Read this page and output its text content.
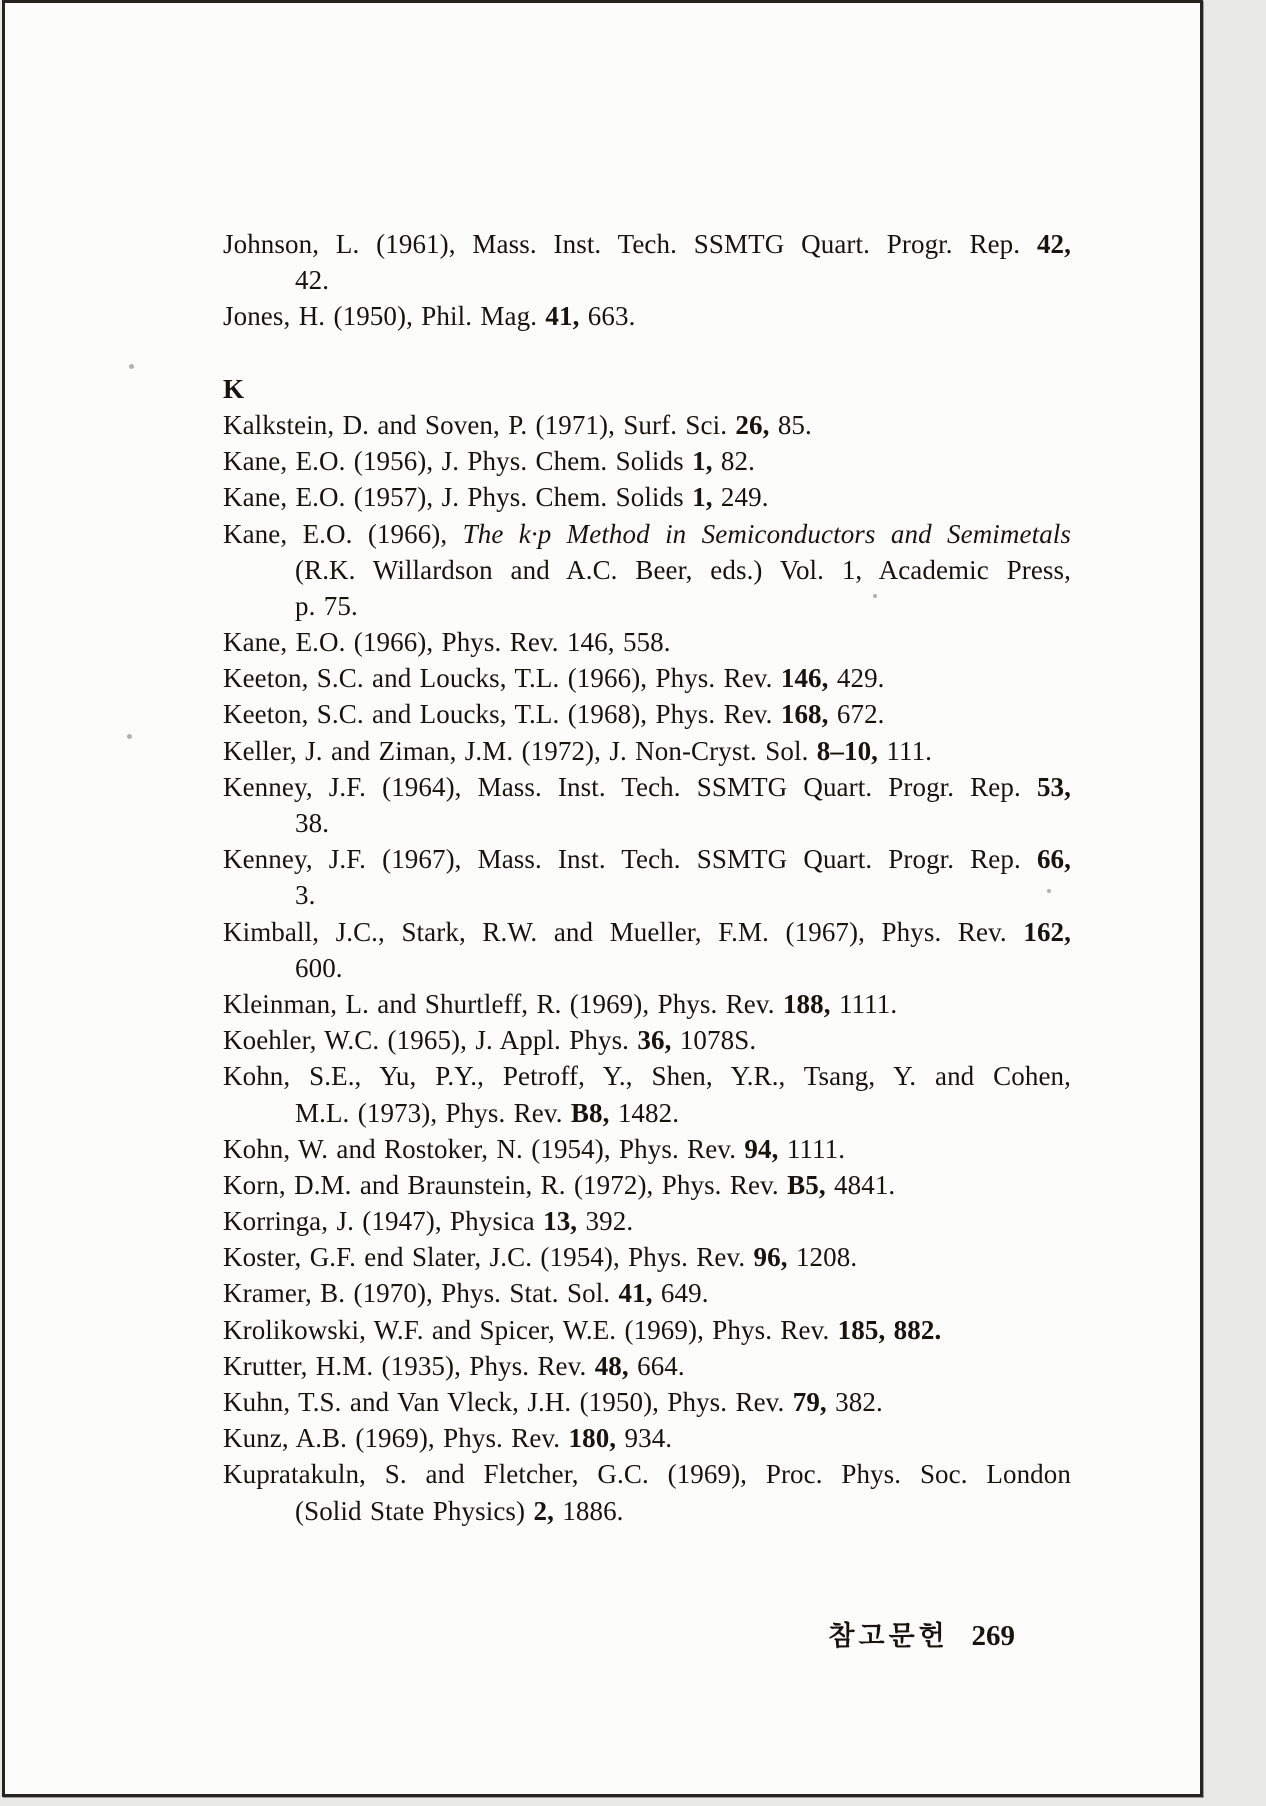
Johnson, L. (1961), Mass. Inst. Tech. SSMTG Quart. Progr. Rep. 42,
42.
Jones, H. (1950), Phil. Mag. 41, 663.
K
Kalkstein, D. and Soven, P. (1971), Surf. Sci. 26, 85.
Kane, E.O. (1956), J. Phys. Chem. Solids 1, 82.
Kane, E.O. (1957), J. Phys. Chem. Solids 1, 249.
Kane, E.O. (1966), The k·p Method in Semiconductors and Semimetals
(R.K. Willardson and A.C. Beer, eds.) Vol. 1, Academic Press,
p. 75.
Kane, E.O. (1966), Phys. Rev. 146, 558.
Keeton, S.C. and Loucks, T.L. (1966), Phys. Rev. 146, 429.
Keeton, S.C. and Loucks, T.L. (1968), Phys. Rev. 168, 672.
Keller, J. and Ziman, J.M. (1972), J. Non-Cryst. Sol. 8–10, 111.
Kenney, J.F. (1964), Mass. Inst. Tech. SSMTG Quart. Progr. Rep. 53,
38.
Kenney, J.F. (1967), Mass. Inst. Tech. SSMTG Quart. Progr. Rep. 66,
3.
Kimball, J.C., Stark, R.W. and Mueller, F.M. (1967), Phys. Rev. 162,
600.
Kleinman, L. and Shurtleff, R. (1969), Phys. Rev. 188, 1111.
Koehler, W.C. (1965), J. Appl. Phys. 36, 1078S.
Kohn, S.E., Yu, P.Y., Petroff, Y., Shen, Y.R., Tsang, Y. and Cohen,
M.L. (1973), Phys. Rev. B8, 1482.
Kohn, W. and Rostoker, N. (1954), Phys. Rev. 94, 1111.
Korn, D.M. and Braunstein, R. (1972), Phys. Rev. B5, 4841.
Korringa, J. (1947), Physica 13, 392.
Koster, G.F. end Slater, J.C. (1954), Phys. Rev. 96, 1208.
Kramer, B. (1970), Phys. Stat. Sol. 41, 649.
Krolikowski, W.F. and Spicer, W.E. (1969), Phys. Rev. 185, 882.
Krutter, H.M. (1935), Phys. Rev. 48, 664.
Kuhn, T.S. and Van Vleck, J.H. (1950), Phys. Rev. 79, 382.
Kunz, A.B. (1969), Phys. Rev. 180, 934.
Kupratakuln, S. and Fletcher, G.C. (1969), Proc. Phys. Soc. London
(Solid State Physics) 2, 1886.
참고문헌 269
